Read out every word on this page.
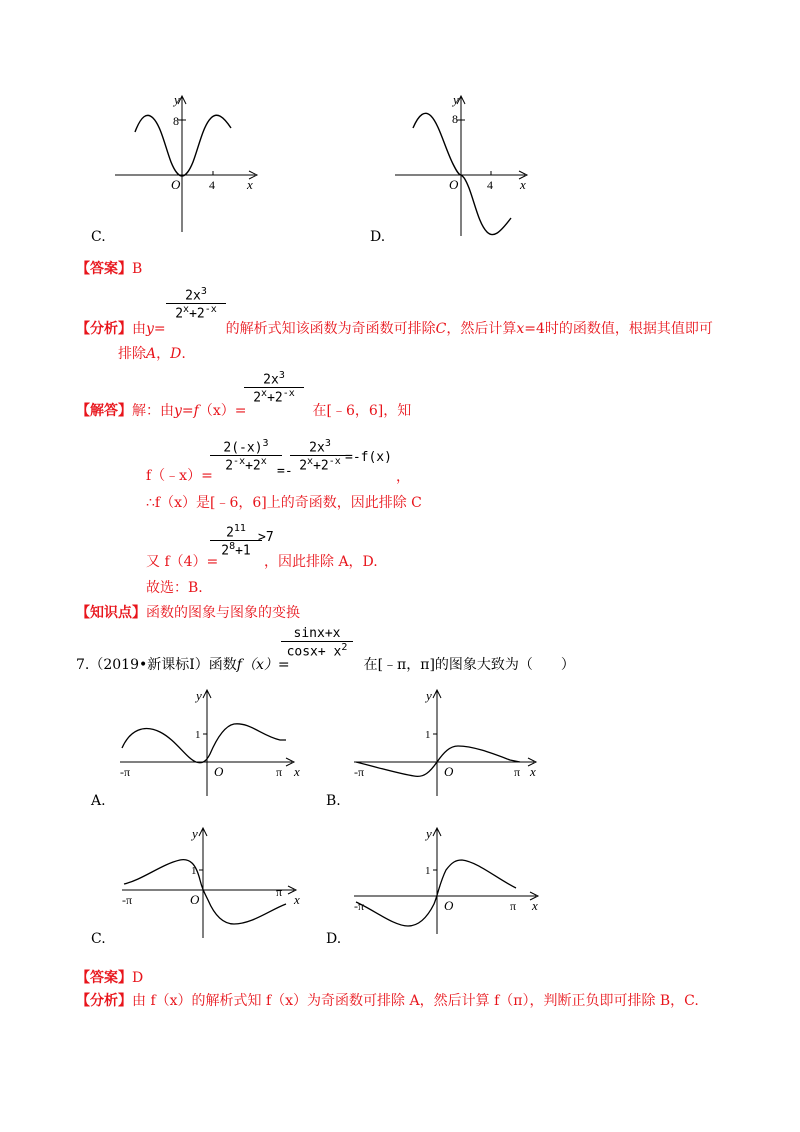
y
8
O 4 x
C.
y
8
O 4 x
D.
【答案】B
$\frac{2x^3}{2^x+2^{-x}}$
【分析】由y=	的解析式知该函数为奇函数可排除C，然后计算x=4时的函数值，根据其值即可
排除A，D.
$\frac{2x^3}{2^x+2^{-x}}$
【解答】解：由y=f（x）=	在[﹣6，6]，知
f（﹣x）=
$\frac{2(-x)^3}{2^{-x}+2^x}$
=-
$\frac{2x^3}{2^x+2^{-x}}$
=-f(x)
，
∴f（x）是[﹣6，6]上的奇函数，因此排除 C
又 f（4）=
$\frac{2^{11}}{2^8+1}$
>7
，因此排除 A，D.
故选：B.
【知识点】函数的图象与图象的变换
$\frac{\sin x+x}{\cos x+ x^2}$
7.（2019•新课标Ⅰ）函数f（x）=	在[﹣π，π]的图象大致为（　　）
y
1
O
-π	π x
A.
y
1
O
-π	π x
B.
y
1
O
-π
π x
C.
y
1
O
-π	π x
D.
【答案】D
【分析】由 f（x）的解析式知 f（x）为奇函数可排除 A，然后计算 f（π），判断正负即可排除 B，C.
